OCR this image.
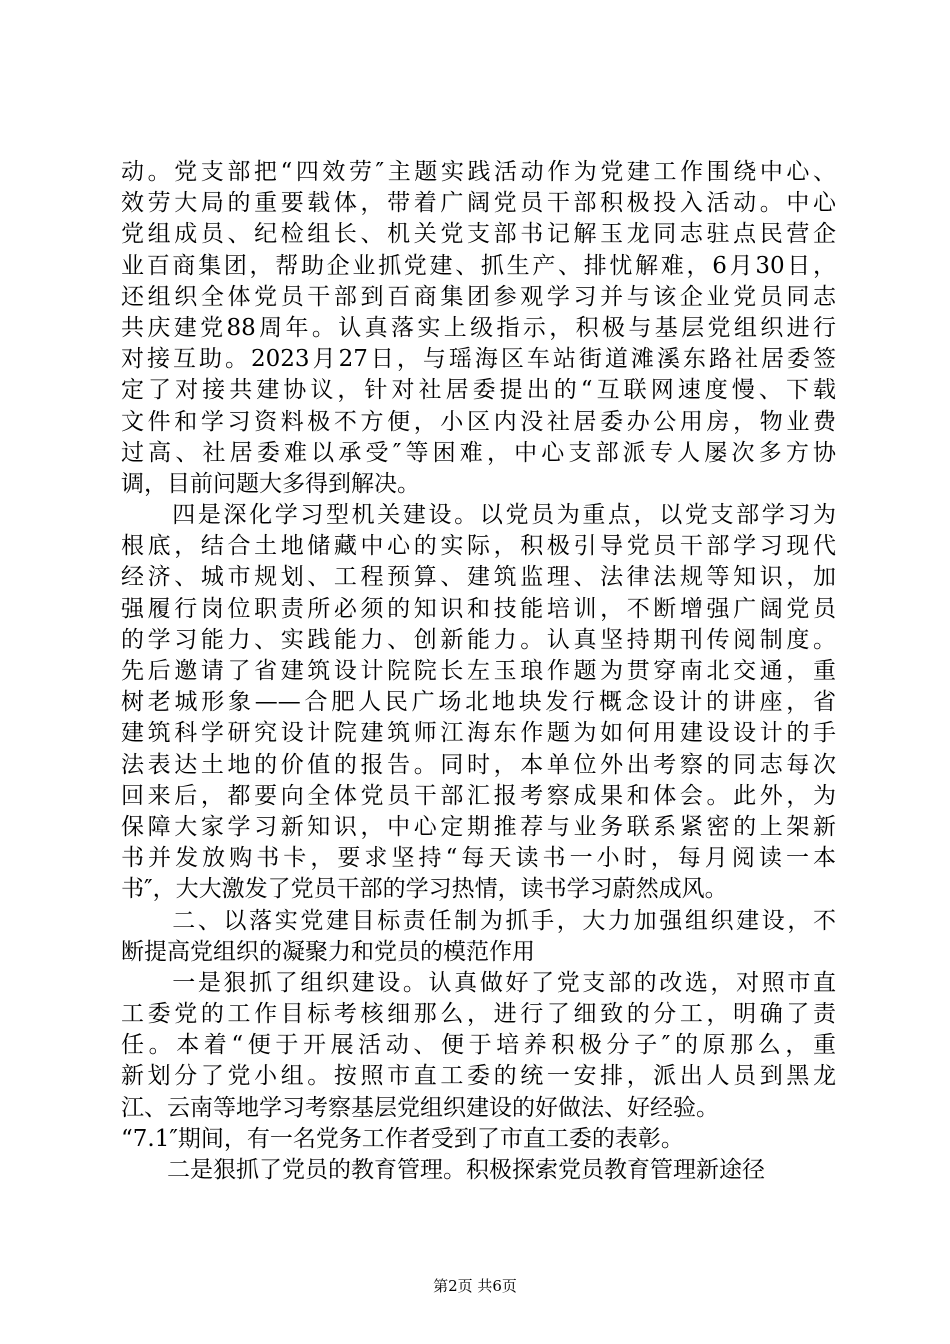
动。党支部把“四效劳″主题实践活动作为党建工作围绕中心、
效劳大局的重要载体，带着广阔党员干部积极投入活动。中心
党组成员、纪检组长、机关党支部书记解玉龙同志驻点民营企
业百商集团，帮助企业抓党建、抓生产、排忧解难，6月30日，
还组织全体党员干部到百商集团参观学习并与该企业党员同志
共庆建党88周年。认真落实上级指示，积极与基层党组织进行
对接互助。2023月27日，与瑶海区车站街道滩溪东路社居委签
定了对接共建协议，针对社居委提出的“互联网速度慢、下载
文件和学习资料极不方便，小区内没社居委办公用房，物业费
过高、社居委难以承受″等困难，中心支部派专人屡次多方协
调，目前问题大多得到解决。
　　四是深化学习型机关建设。以党员为重点，以党支部学习为
根底，结合土地储藏中心的实际，积极引导党员干部学习现代
经济、城市规划、工程预算、建筑监理、法律法规等知识，加
强履行岗位职责所必须的知识和技能培训，不断增强广阔党员
的学习能力、实践能力、创新能力。认真坚持期刊传阅制度。
先后邀请了省建筑设计院院长左玉琅作题为贯穿南北交通，重
树老城形象——合肥人民广场北地块发行概念设计的讲座，省
建筑科学研究设计院建筑师江海东作题为如何用建设设计的手
法表达土地的价值的报告。同时，本单位外出考察的同志每次
回来后，都要向全体党员干部汇报考察成果和体会。此外，为
保障大家学习新知识，中心定期推荐与业务联系紧密的上架新
书并发放购书卡，要求坚持“每天读书一小时，每月阅读一本
书″，大大激发了党员干部的学习热情，读书学习蔚然成风。
　　二、以落实党建目标责任制为抓手，大力加强组织建设，不
断提高党组织的凝聚力和党员的模范作用
　　一是狠抓了组织建设。认真做好了党支部的改选，对照市直
工委党的工作目标考核细那么，进行了细致的分工，明确了责
任。本着“便于开展活动、便于培养积极分子″的原那么，重
新划分了党小组。按照市直工委的统一安排，派出人员到黑龙
江、云南等地学习考察基层党组织建设的好做法、好经验。
“7.1″期间，有一名党务工作者受到了市直工委的表彰。
　　二是狠抓了党员的教育管理。积极探索党员教育管理新途径
第2页 共6页
